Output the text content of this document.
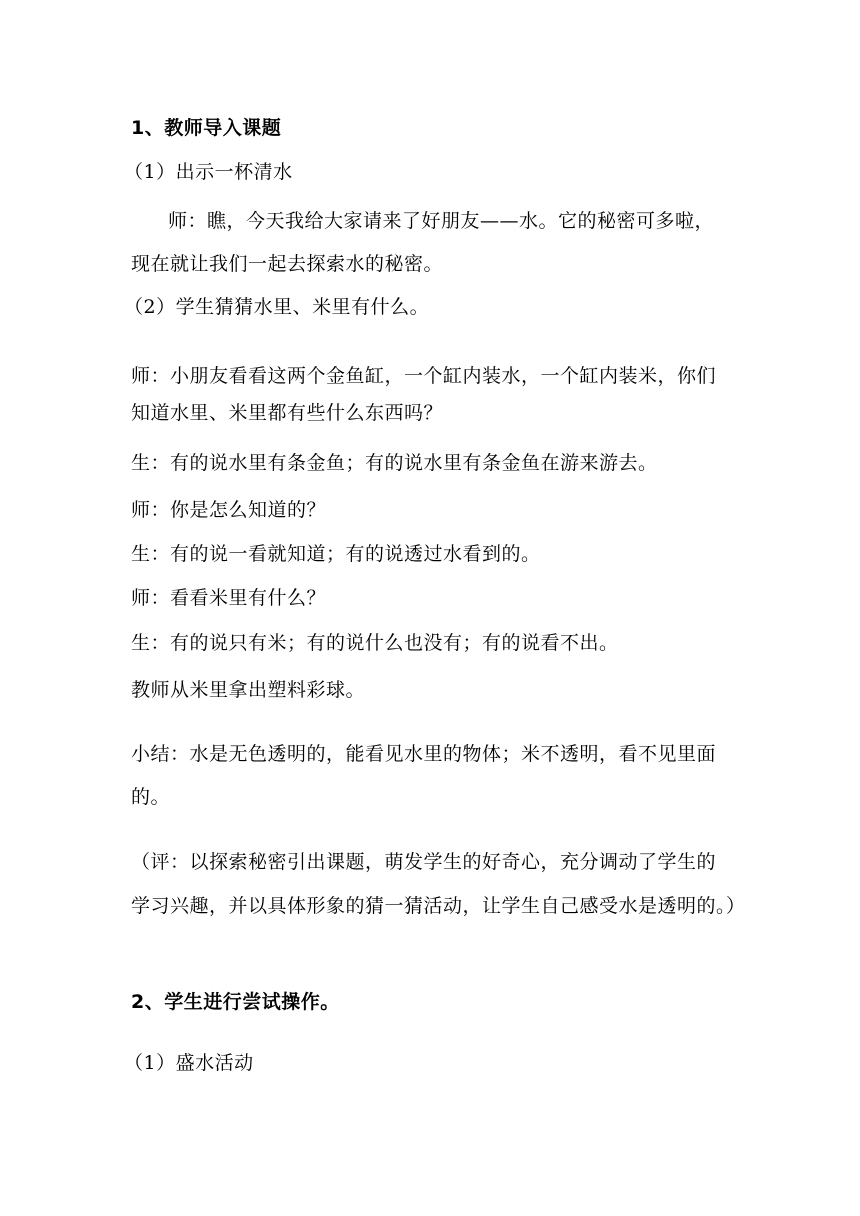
1、教师导入课题
（1）出示一杯清水
师：瞧，今天我给大家请来了好朋友——水。它的秘密可多啦，
现在就让我们一起去探索水的秘密。
（2）学生猜猜水里、米里有什么。
师：小朋友看看这两个金鱼缸，一个缸内装水，一个缸内装米，你们
知道水里、米里都有些什么东西吗？
生：有的说水里有条金鱼；有的说水里有条金鱼在游来游去。
师：你是怎么知道的？
生：有的说一看就知道；有的说透过水看到的。
师：看看米里有什么？
生：有的说只有米；有的说什么也没有；有的说看不出。
教师从米里拿出塑料彩球。
小结：水是无色透明的，能看见水里的物体；米不透明，看不见里面
的。
（评：以探索秘密引出课题，萌发学生的好奇心，充分调动了学生的
学习兴趣，并以具体形象的猜一猜活动，让学生自己感受水是透明的。）
2、学生进行尝试操作。
（1）盛水活动
